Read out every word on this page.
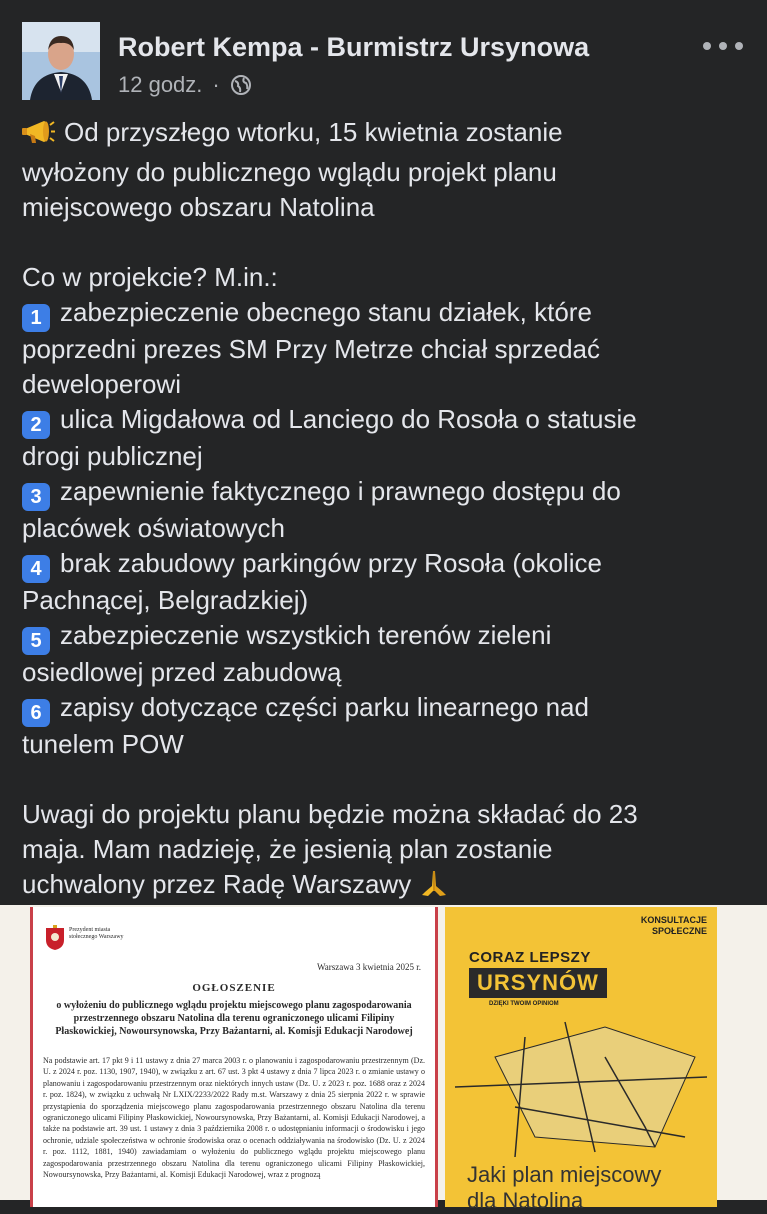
Robert Kempa - Burmistrz Ursynowa
12 godz. ·
Od przyszłego wtorku, 15 kwietnia zostanie
wyłożony do publicznego wglądu projekt planu
miejscowego obszaru Natolina
Co w projekcie? M.in.:
1 zabezpieczenie obecnego stanu działek, które
poprzedni prezes SM Przy Metrze chciał sprzedać
deweloperowi
2 ulica Migdałowa od Lanciego do Rosoła o statusie
drogi publicznej
3 zapewnienie faktycznego i prawnego dostępu do
placówek oświatowych
4 brak zabudowy parkingów przy Rosoła (okolice
Pachnącej, Belgradzkiej)
5 zabezpieczenie wszystkich terenów zieleni
osiedlowej przed zabudową
6 zapisy dotyczące części parku linearnego nad
tunelem POW
Uwagi do projektu planu będzie można składać do 23
maja. Mam nadzieję, że jesienią plan zostanie
uchwalony przez Radę Warszawy
Prezydent miasta stołecznego Warszawy
Warszawa 3 kwietnia 2025 r.
OGŁOSZENIE
o wyłożeniu do publicznego wglądu projektu miejscowego planu zagospodarowania przestrzennego obszaru Natolina dla terenu ograniczonego ulicami Filipiny Płaskowickiej, Nowoursynowska, Przy Bażantarni, al. Komisji Edukacji Narodowej
Na podstawie art. 17 pkt 9 i 11 ustawy z dnia 27 marca 2003 r. o planowaniu i zagospodarowaniu przestrzennym (Dz. U. z 2024 r. poz. 1130, 1907, 1940), w związku z art. 67 ust. 3 pkt 4 ustawy z dnia 7 lipca 2023 r. o zmianie ustawy o planowaniu i zagospodarowaniu przestrzennym oraz niektórych innych ustaw (Dz. U. z 2023 r. poz. 1688 oraz z 2024 r. poz. 1824), w związku z uchwałą Nr LXIX/2233/2022 Rady m.st. Warszawy z dnia 25 sierpnia 2022 r. w sprawie przystąpienia do sporządzenia miejscowego planu zagospodarowania przestrzennego obszaru Natolina dla terenu ograniczonego ulicami Filipiny Płaskowickiej, Nowoursynowska, Przy Bażantarni, al. Komisji Edukacji Narodowej, a także na podstawie art. 39 ust. 1 ustawy z dnia 3 października 2008 r. o udostępnianiu informacji o środowisku i jego ochronie, udziale społeczeństwa w ochronie środowiska oraz o ocenach oddziaływania na środowisko (Dz. U. z 2024 r. poz. 1112, 1881, 1940) zawiadamiam o wyłożeniu do publicznego wglądu projektu miejscowego planu zagospodarowania przestrzennego obszaru Natolina dla terenu ograniczonego ulicami Filipiny Płaskowickiej, Nowoursynowska, Przy Bażantarni, al. Komisji Edukacji Narodowej, wraz z prognozą
KONSULTACJE SPOŁECZNE
CORAZ LEPSZY
URSYNÓW
DZIĘKI TWOIM OPINIOM
Jaki plan miejscowy
dla Natolina
